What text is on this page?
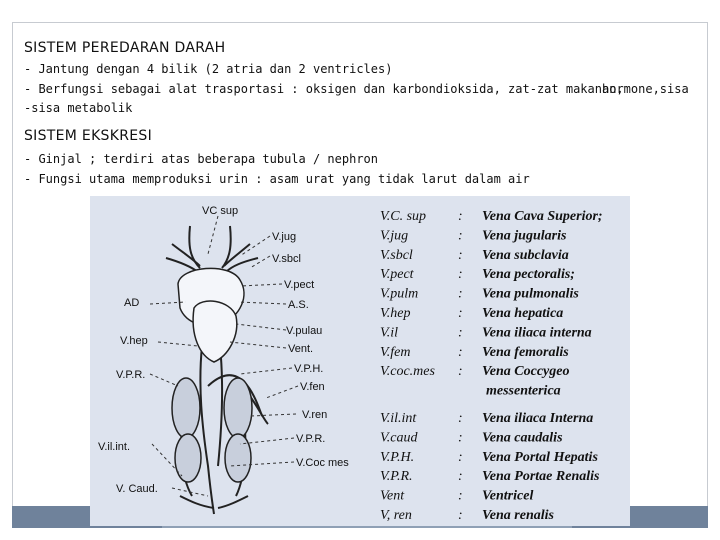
SISTEM PEREDARAN DARAH
- Jantung dengan 4 bilik (2 atria dan 2 ventricles)
- Berfungsi sebagai alat trasportasi : oksigen dan karbondioksida, zat-zat makanan,
hormone,sisa
-sisa metabolik
SISTEM EKSKRESI
- Ginjal ; terdiri atas beberapa tubula / nephron
- Fungsi utama memproduksi urin : asam urat yang tidak larut dalam air
VC sup
V.jug
V.sbcl
V.pect
A.S.
V.pulau
Vent.
V.P.H.
V.fen
V.ren
V.P.R.
V.Coc mes
AD
V.hep
V.P.R.
V.il.int.
V. Caud.
V.C. sup : Vena Cava Superior;
V.jug	: Vena jugularis
V.sbcl	: Vena subclavia
V.pect	: Vena pectoralis;
V.pulm	: Vena pulmonalis
V.hep	: Vena hepatica
V.il	: Vena iliaca interna
V.fem	: Vena femoralis
V.coc.mes : Vena Coccygeo
messenterica
V.il.int	: Vena iliaca Interna
V.caud	: Vena caudalis
V.P.H.	: Vena Portal Hepatis
V.P.R.	: Vena Portae Renalis
Vent	: Ventricel
V, ren	: Vena renalis
